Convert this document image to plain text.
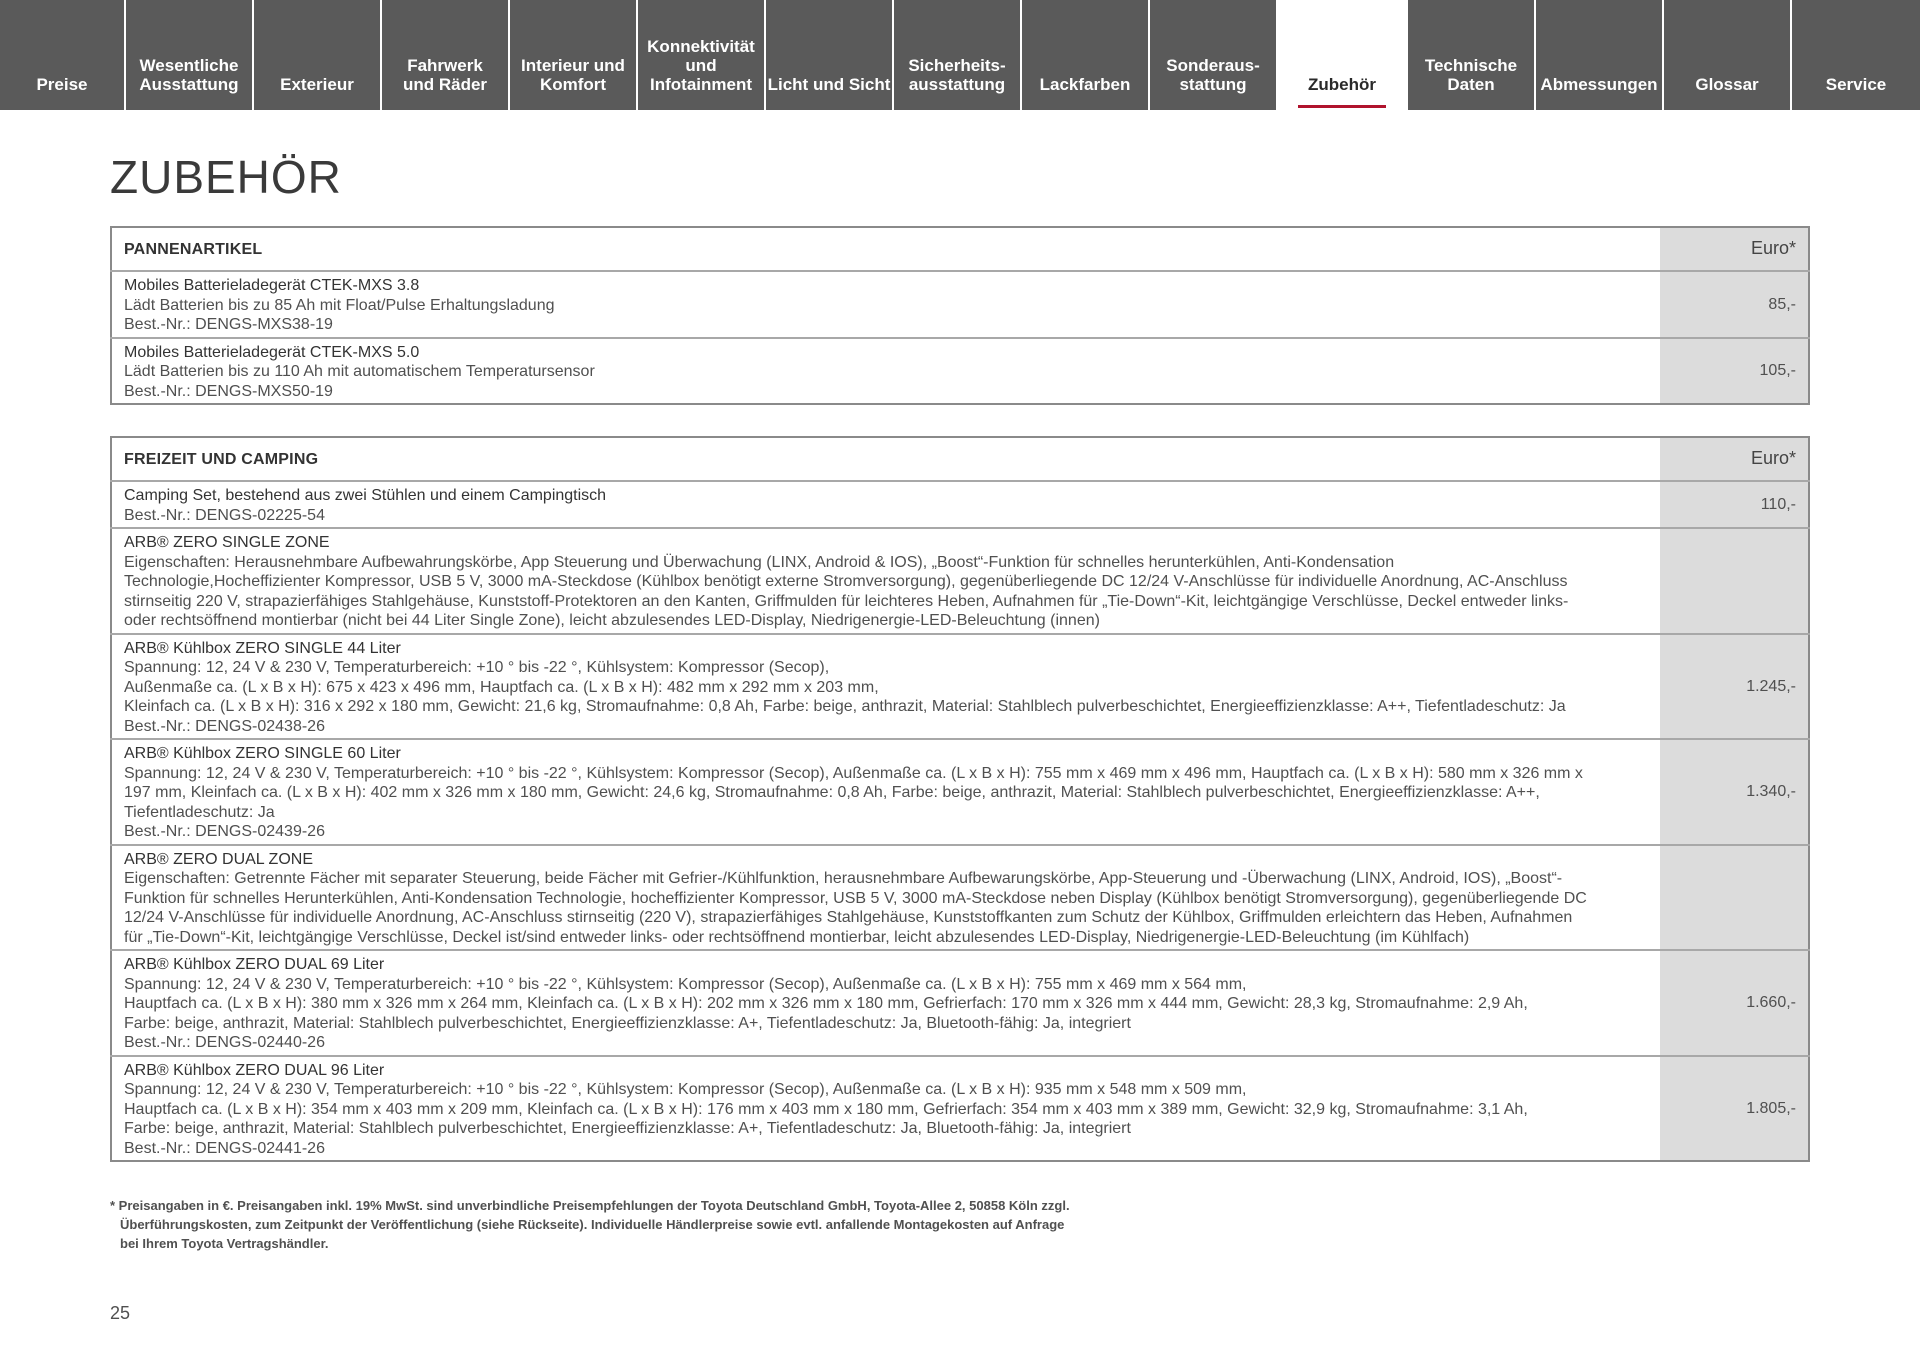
Preise
Wesentliche
Ausstattung Exterieur
Fahrwerk
und Räder
Interieur und
Komfort
Konnektivität
und
Infotainment Licht und Sicht
Sicherheits-
ausstattung Lackfarben
Sonderaus-
stattung	Zubehör
Technische
Daten	Abmessungen Glossar	Service
ZUBEHÖR
PANNENARTIKEL	Euro*

Mobiles Batterieladegerät CTEK-MXS 3.8
Lädt Batterien bis zu 85 Ah mit Float/Pulse Erhaltungsladung
Best.-Nr.: DENGS-MXS38-19	85,-

Mobiles Batterieladegerät CTEK-MXS 5.0
Lädt Batterien bis zu 110 Ah mit automatischem Temperatursensor
Best.-Nr.: DENGS-MXS50-19	105,-
FREIZEIT UND CAMPING	Euro*

Camping Set, bestehend aus zwei Stühlen und einem Campingtisch
Best.-Nr.: DENGS-02225-54	110,-

ARB® ZERO SINGLE ZONE
Eigenschaften: Herausnehmbare Aufbewahrungskörbe, App Steuerung und Überwachung (LINX, Android & IOS), „Boost“-Funktion für schnelles herunterkühlen, Anti-Kondensation
Technologie,Hocheffizienter Kompressor, USB 5 V, 3000 mA-Steckdose (Kühlbox benötigt externe Stromversorgung), gegenüberliegende DC 12/24 V-Anschlüsse für individuelle Anordnung, AC-Anschluss
stirnseitig 220 V, strapazierfähiges Stahlgehäuse, Kunststoff-Protektoren an den Kanten, Griffmulden für leichteres Heben, Aufnahmen für „Tie-Down“-Kit, leichtgängige Verschlüsse, Deckel entweder links-
oder rechtsöffnend montierbar (nicht bei 44 Liter Single Zone), leicht abzulesendes LED-Display, Niedrigenergie-LED-Beleuchtung (innen)	

ARB® Kühlbox ZERO SINGLE 44 Liter
Spannung: 12, 24 V & 230 V, Temperaturbereich: +10 ° bis -22 °, Kühlsystem: Kompressor (Secop),
Außenmaße ca. (L x B x H): 675 x 423 x 496 mm, Hauptfach ca. (L x B x H): 482 mm x 292 mm x 203 mm,
Kleinfach ca. (L x B x H): 316 x 292 x 180 mm, Gewicht: 21,6 kg, Stromaufnahme: 0,8 Ah, Farbe: beige, anthrazit, Material: Stahlblech pulverbeschichtet, Energieeffizienzklasse: A++, Tiefentladeschutz: Ja
Best.-Nr.: DENGS-02438-26	1.245,-

ARB® Kühlbox ZERO SINGLE 60 Liter
Spannung: 12, 24 V & 230 V, Temperaturbereich: +10 ° bis -22 °, Kühlsystem: Kompressor (Secop), Außenmaße ca. (L x B x H): 755 mm x 469 mm x 496 mm, Hauptfach ca. (L x B x H): 580 mm x 326 mm x
197 mm, Kleinfach ca. (L x B x H): 402 mm x 326 mm x 180 mm, Gewicht: 24,6 kg, Stromaufnahme: 0,8 Ah, Farbe: beige, anthrazit, Material: Stahlblech pulverbeschichtet, Energieeffizienzklasse: A++,
Tiefentladeschutz: Ja
Best.-Nr.: DENGS-02439-26	1.340,-

ARB® ZERO DUAL ZONE
Eigenschaften: Getrennte Fächer mit separater Steuerung, beide Fächer mit Gefrier-/Kühlfunktion, herausnehmbare Aufbewarungskörbe, App-Steuerung und -Überwachung (LINX, Android, IOS), „Boost“-
Funktion für schnelles Herunterkühlen, Anti-Kondensation Technologie, hocheffizienter Kompressor, USB 5 V, 3000 mA-Steckdose neben Display (Kühlbox benötigt Stromversorgung), gegenüberliegende DC
12/24 V-Anschlüsse für individuelle Anordnung, AC-Anschluss stirnseitig (220 V), strapazierfähiges Stahlgehäuse, Kunststoffkanten zum Schutz der Kühlbox, Griffmulden erleichtern das Heben, Aufnahmen
für „Tie-Down“-Kit, leichtgängige Verschlüsse, Deckel ist/sind entweder links- oder rechtsöffnend montierbar, leicht abzulesendes LED-Display, Niedrigenergie-LED-Beleuchtung (im Kühlfach)	

ARB® Kühlbox ZERO DUAL 69 Liter
Spannung: 12, 24 V & 230 V, Temperaturbereich: +10 ° bis -22 °, Kühlsystem: Kompressor (Secop), Außenmaße ca. (L x B x H): 755 mm x 469 mm x 564 mm,
Hauptfach ca. (L x B x H): 380 mm x 326 mm x 264 mm, Kleinfach ca. (L x B x H): 202 mm x 326 mm x 180 mm, Gefrierfach: 170 mm x 326 mm x 444 mm, Gewicht: 28,3 kg, Stromaufnahme: 2,9 Ah,
Farbe: beige, anthrazit, Material: Stahlblech pulverbeschichtet, Energieeffizienzklasse: A+, Tiefentladeschutz: Ja, Bluetooth-fähig: Ja, integriert
Best.-Nr.: DENGS-02440-26	1.660,-

ARB® Kühlbox ZERO DUAL 96 Liter
Spannung: 12, 24 V & 230 V, Temperaturbereich: +10 ° bis -22 °, Kühlsystem: Kompressor (Secop), Außenmaße ca. (L x B x H): 935 mm x 548 mm x 509 mm,
Hauptfach ca. (L x B x H): 354 mm x 403 mm x 209 mm, Kleinfach ca. (L x B x H): 176 mm x 403 mm x 180 mm, Gefrierfach: 354 mm x 403 mm x 389 mm, Gewicht: 32,9 kg, Stromaufnahme: 3,1 Ah,
Farbe: beige, anthrazit, Material: Stahlblech pulverbeschichtet, Energieeffizienzklasse: A+, Tiefentladeschutz: Ja, Bluetooth-fähig: Ja, integriert
Best.-Nr.: DENGS-02441-26	1.805,-
* Preisangaben in €. Preisangaben inkl. 19% MwSt. sind unverbindliche Preisempfehlungen der Toyota Deutschland GmbH, Toyota-Allee 2, 50858 Köln zzgl.
Überführungskosten, zum Zeitpunkt der Veröffentlichung (siehe Rückseite). Individuelle Händlerpreise sowie evtl. anfallende Montagekosten auf Anfrage
bei Ihrem Toyota Vertragshändler.
25
